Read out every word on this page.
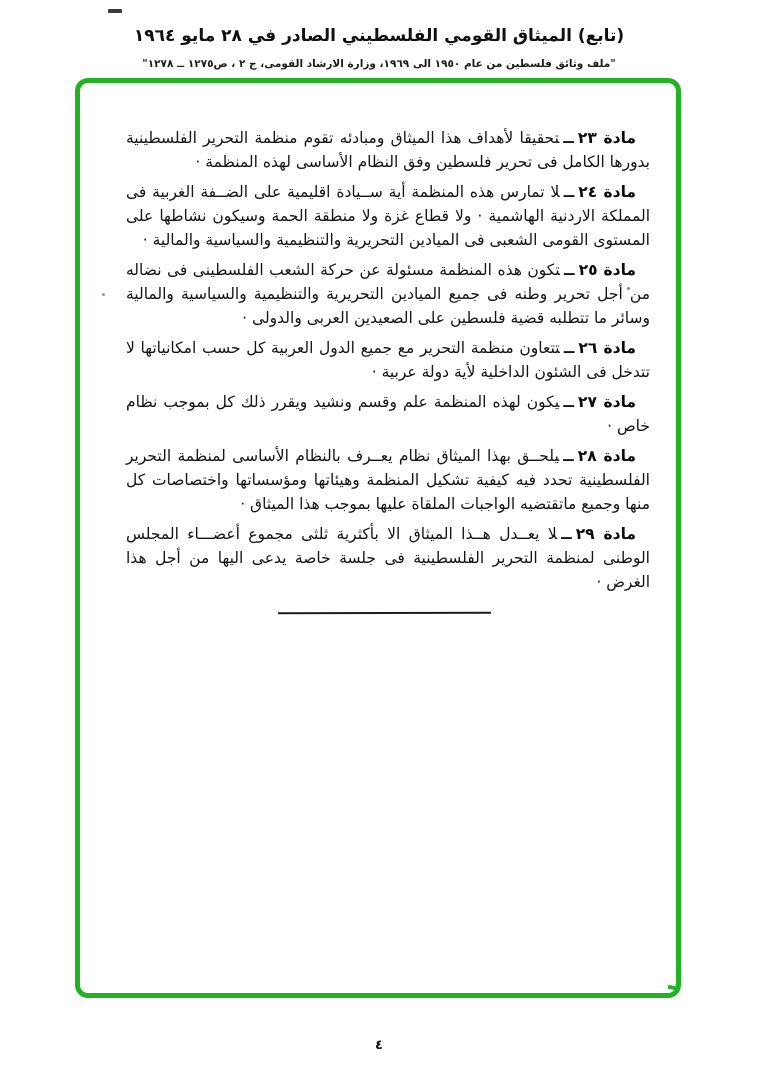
(تابع) الميثاق القومي الفلسطيني الصادر في ٢٨ مايو ١٩٦٤
"ملف وثائق فلسطين من عام ١٩٥٠ الى ١٩٦٩، وزارة الارشاد القومى، ج ٢ ، ص١٢٧٥ ــ ١٢٧٨"

مادة ٢٣ــتحقيقا لأهداف هذا الميثاق ومبادئه تقوم منظمة التحرير الفلسطينية بدورها الكامل فى تحرير فلسطين وفق النظام الأساسى لهذه المنظمة ·

مادة ٢٤ــلا تمارس هذه المنظمة أية ســيادة اقليمية على الضــفة الغربية فى المملكة الاردنية الهاشمية · ولا قطاع غزة ولا منطقة الحمة وسيكون نشاطها على المستوى القومى الشعبى فى الميادين التحريرية والتنظيمية والسياسية والمالية ·

مادة ٢٥ــتكون هذه المنظمة مسئولة عن حركة الشعب الفلسطينى فى نضاله من أجل تحرير وطنه فى جميع الميادين التحريرية والتنظيمية والسياسية والمالية وسائر ما تتطلبه قضية فلسطين على الصعيدين العربى والدولى ·

مادة ٢٦ــتتعاون منظمة التحرير مع جميع الدول العربية كل حسب امكانياتها لا تتدخل فى الشئون الداخلية لأية دولة عربية ·

مادة ٢٧ــيكون لهذه المنظمة علم وقسم ونشيد ويقرر ذلك كل بموجب نظام خاص ·

مادة ٢٨ــيلحــق بهذا الميثاق نظام يعــرف بالنظام الأساسى لمنظمة التحرير الفلسطينية تحدد فيه كيفية تشكيل المنظمة وهيئاتها ومؤسساتها واختصاصات كل منها وجميع ماتقتضيه الواجبات الملقاة عليها بموجب هذا الميثاق ·

مادة ٢٩ــلا يعــدل هــذا الميثاق الا بأكثرية ثلثى مجموع أعضـــاء المجلس الوطنى لمنظمة التحرير الفلسطينية فى جلسة خاصة يدعى اليها من أجل هذا الغرض ·

٤
